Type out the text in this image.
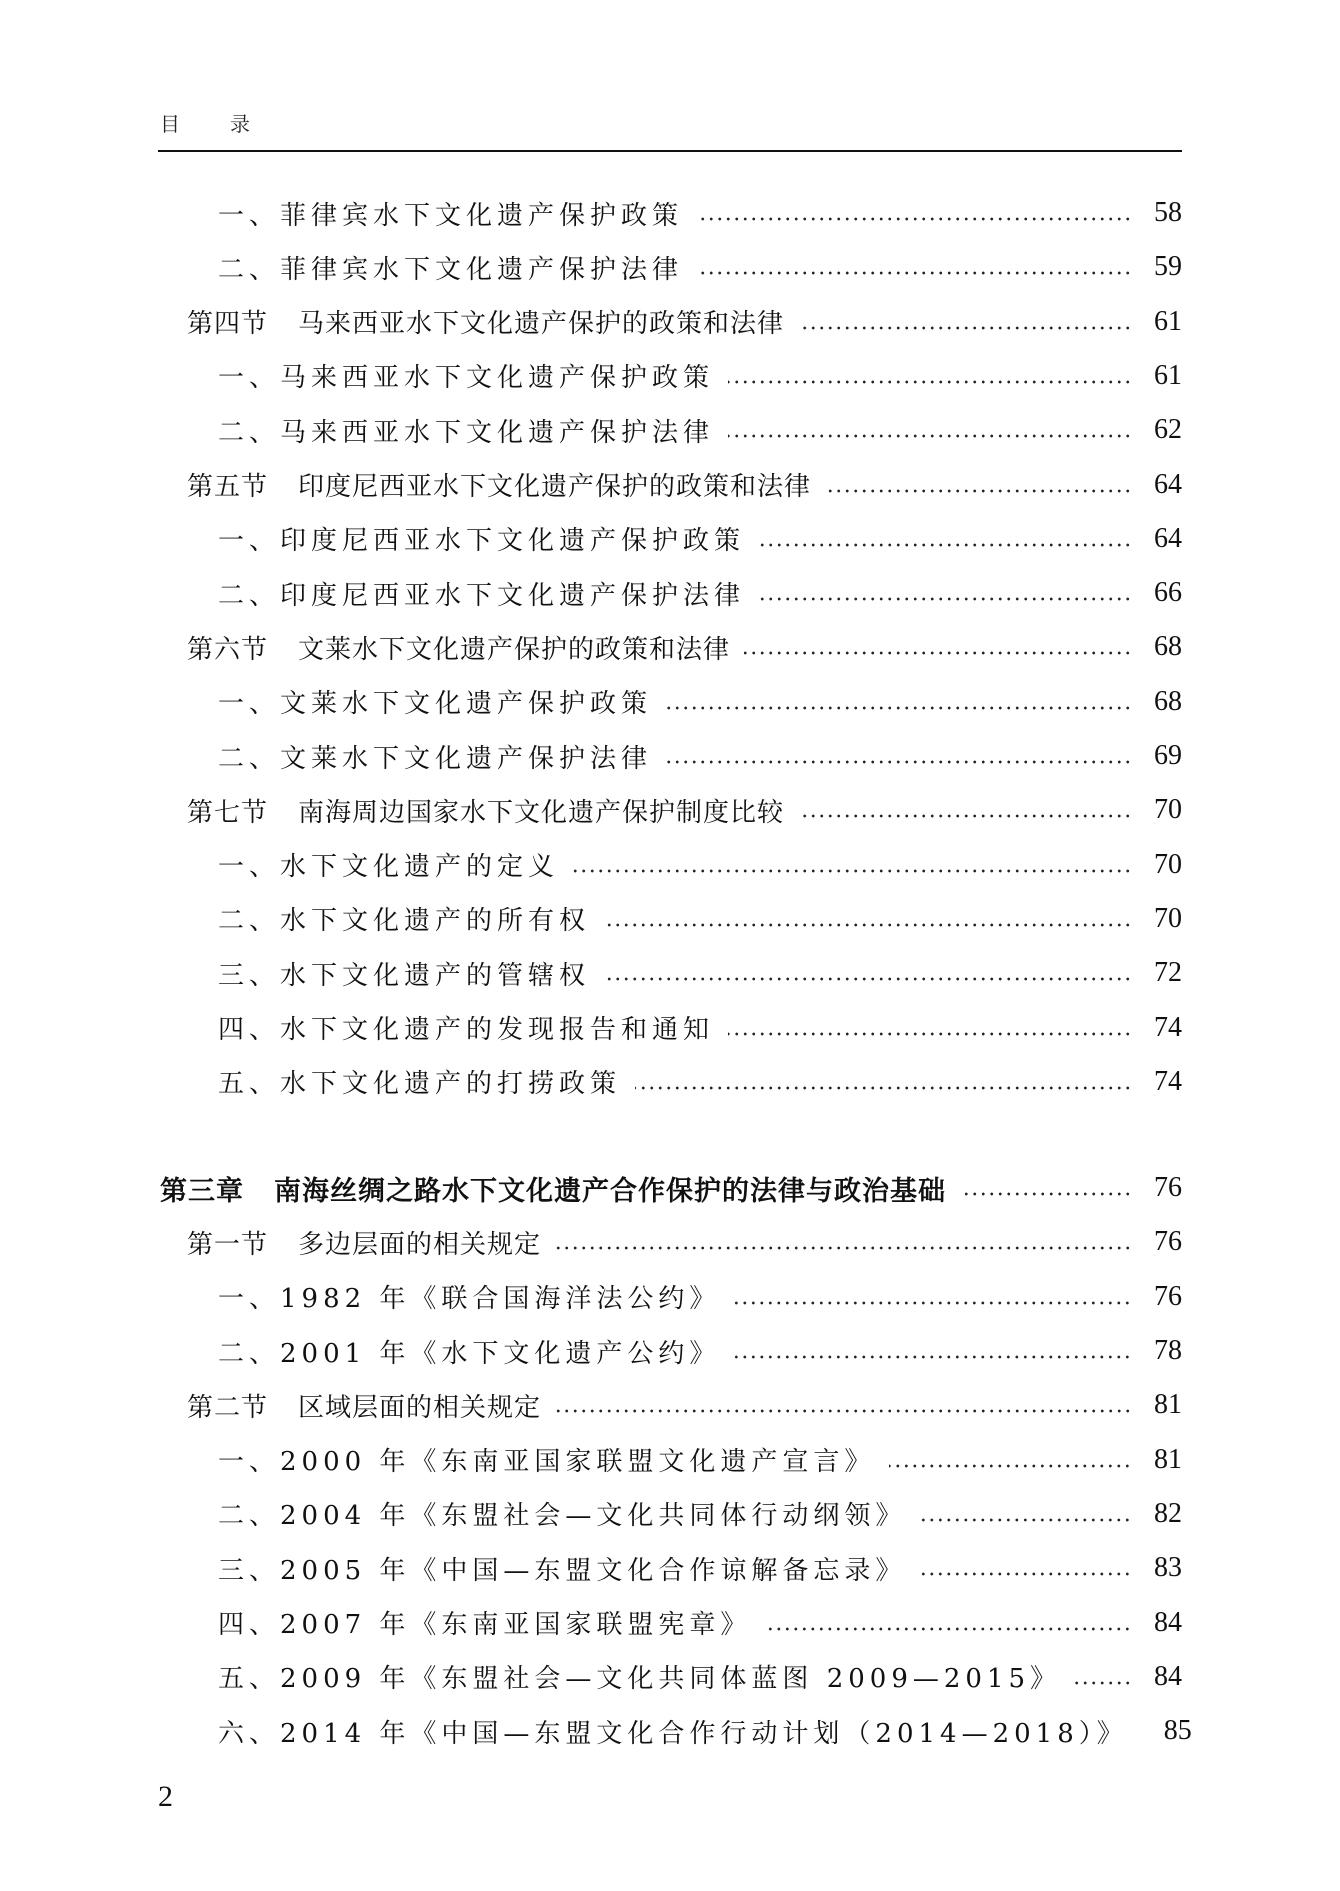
目	录
一、菲律宾水下文化遗产保护政策	58
二、菲律宾水下文化遗产保护法律	59
第四节 马来西亚水下文化遗产保护的政策和法律	61
一、马来西亚水下文化遗产保护政策	61
二、马来西亚水下文化遗产保护法律	62
第五节 印度尼西亚水下文化遗产保护的政策和法律	64
一、印度尼西亚水下文化遗产保护政策	64
二、印度尼西亚水下文化遗产保护法律	66
第六节 文莱水下文化遗产保护的政策和法律	68
一、文莱水下文化遗产保护政策	68
二、文莱水下文化遗产保护法律	69
第七节 南海周边国家水下文化遗产保护制度比较	70
一、水下文化遗产的定义	70
二、水下文化遗产的所有权	70
三、水下文化遗产的管辖权	72
四、水下文化遗产的发现报告和通知	74
五、水下文化遗产的打捞政策	74
第三章 南海丝绸之路水下文化遗产合作保护的法律与政治基础	76
第一节 多边层面的相关规定	76
一、1982 年《联合国海洋法公约》	76
二、2001 年《水下文化遗产公约》	78
第二节 区域层面的相关规定	81
一、2000 年《东南亚国家联盟文化遗产宣言》	81
二、2004 年《东盟社会—文化共同体行动纲领》	82
三、2005 年《中国—东盟文化合作谅解备忘录》	83
四、2007 年《东南亚国家联盟宪章》	84
五、2009 年《东盟社会—文化共同体蓝图 2009—2015》	84
六、2014 年《中国—东盟文化合作行动计划（2014—2018）》 85
2
